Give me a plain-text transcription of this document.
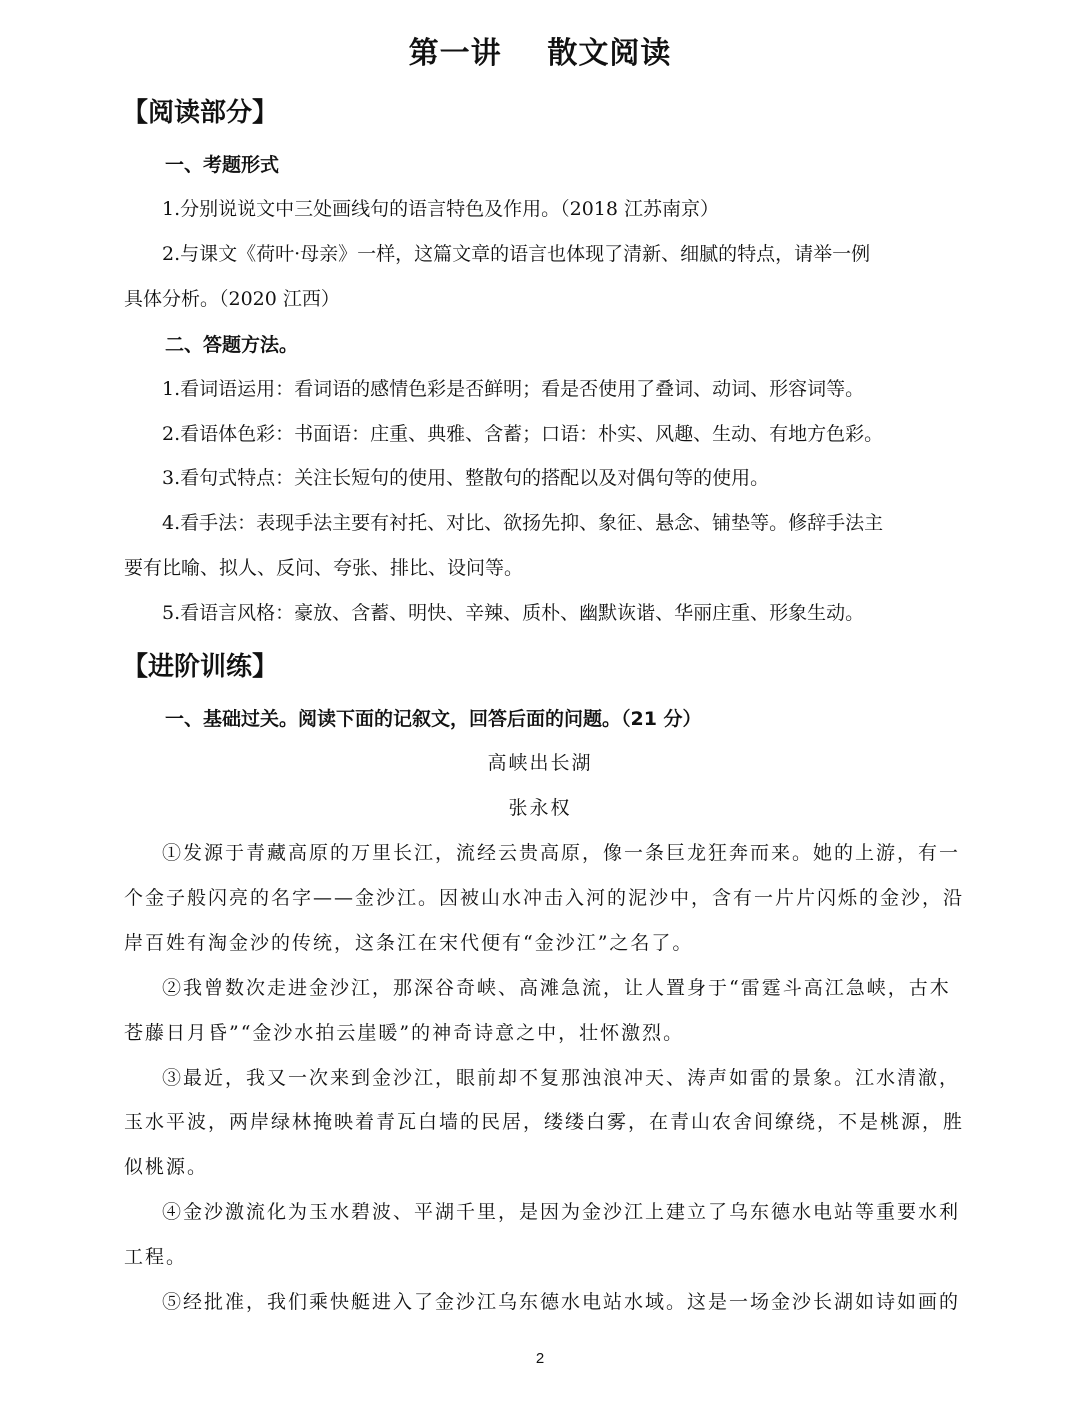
第一讲    散文阅读
【阅读部分】
一、考题形式
1.分别说说文中三处画线句的语言特色及作用。（2018 江苏南京）
2.与课文《荷叶·母亲》一样，这篇文章的语言也体现了清新、细腻的特点，请举一例
具体分析。（2020 江西）
二、答题方法。
1.看词语运用：看词语的感情色彩是否鲜明；看是否使用了叠词、动词、形容词等。
2.看语体色彩：书面语：庄重、典雅、含蓄；口语：朴实、风趣、生动、有地方色彩。
3.看句式特点：关注长短句的使用、整散句的搭配以及对偶句等的使用。
4.看手法：表现手法主要有衬托、对比、欲扬先抑、象征、悬念、铺垫等。修辞手法主
要有比喻、拟人、反问、夸张、排比、设问等。
5.看语言风格：豪放、含蓄、明快、辛辣、质朴、幽默诙谐、华丽庄重、形象生动。
【进阶训练】
一、基础过关。阅读下面的记叙文，回答后面的问题。（21 分）
高峡出长湖
张永权
①发源于青藏高原的万里长江，流经云贵高原，像一条巨龙狂奔而来。她的上游，有一
个金子般闪亮的名字——金沙江。因被山水冲击入河的泥沙中，含有一片片闪烁的金沙，沿
岸百姓有淘金沙的传统，这条江在宋代便有“金沙江”之名了。
②我曾数次走进金沙江，那深谷奇峡、高滩急流，让人置身于“雷霆斗高江急峡，古木
苍藤日月昏”“金沙水拍云崖暖”的神奇诗意之中，壮怀激烈。
③最近，我又一次来到金沙江，眼前却不复那浊浪冲天、涛声如雷的景象。江水清澈，
玉水平波，两岸绿林掩映着青瓦白墙的民居，缕缕白雾，在青山农舍间缭绕，不是桃源，胜
似桃源。
④金沙激流化为玉水碧波、平湖千里，是因为金沙江上建立了乌东德水电站等重要水利
工程。
⑤经批准，我们乘快艇进入了金沙江乌东德水电站水域。这是一场金沙长湖如诗如画的
2
